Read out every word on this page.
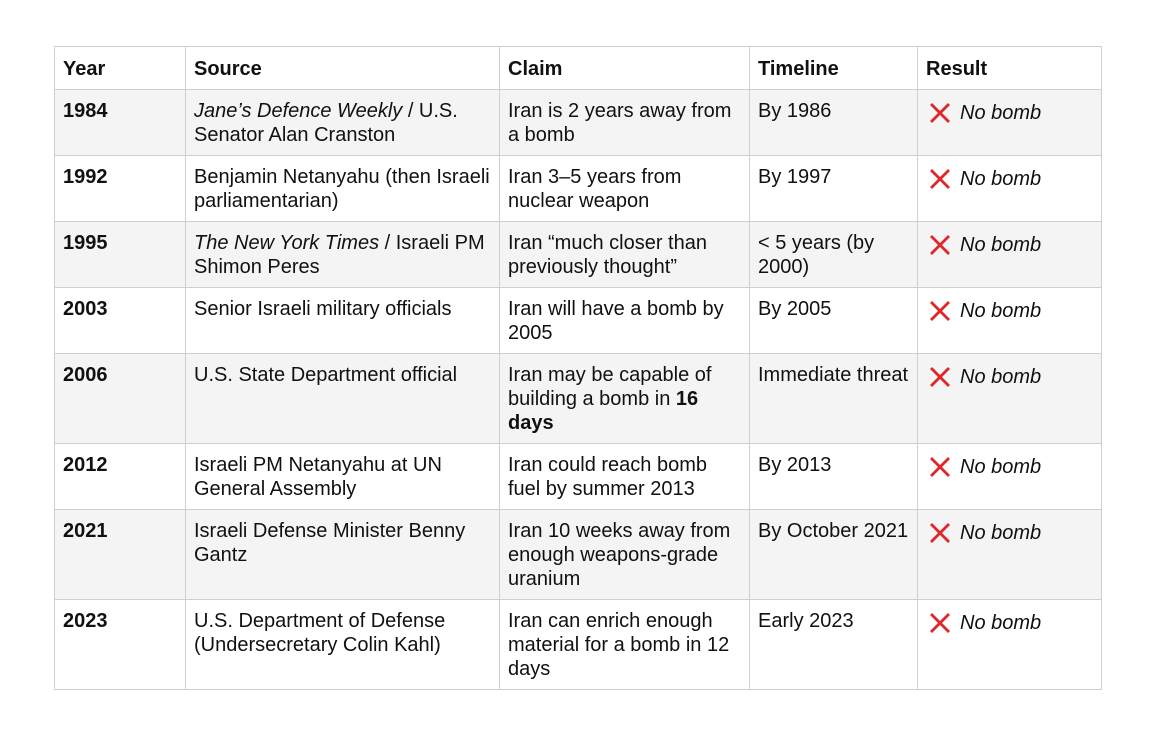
Year	Source	Claim	Timeline	Result
1984	Jane’s Defence Weekly / U.S. Senator Alan Cranston	Iran is 2 years away from a bomb	By 1986	No bomb

1992	Benjamin Netanyahu (then Israeli parliamentarian)	Iran 3–5 years from nuclear weapon	By 1997	No bomb

1995	The New York Times / Israeli PM Shimon Peres	Iran “much closer than previously thought”	< 5 years (by 2000)	No bomb

2003	Senior Israeli military officials	Iran will have a bomb by 2005	By 2005	No bomb

2006	U.S. State Department official	Iran may be capable of building a bomb in 16 days	Immediate threat	No bomb

2012	Israeli PM Netanyahu at UN General Assembly	Iran could reach bomb fuel by summer 2013	By 2013	No bomb

2021	Israeli Defense Minister Benny Gantz	Iran 10 weeks away from enough weapons-grade uranium	By October 2021	No bomb

2023	U.S. Department of Defense (Undersecretary Colin Kahl)	Iran can enrich enough material for a bomb in 12 days	Early 2023	No bomb
